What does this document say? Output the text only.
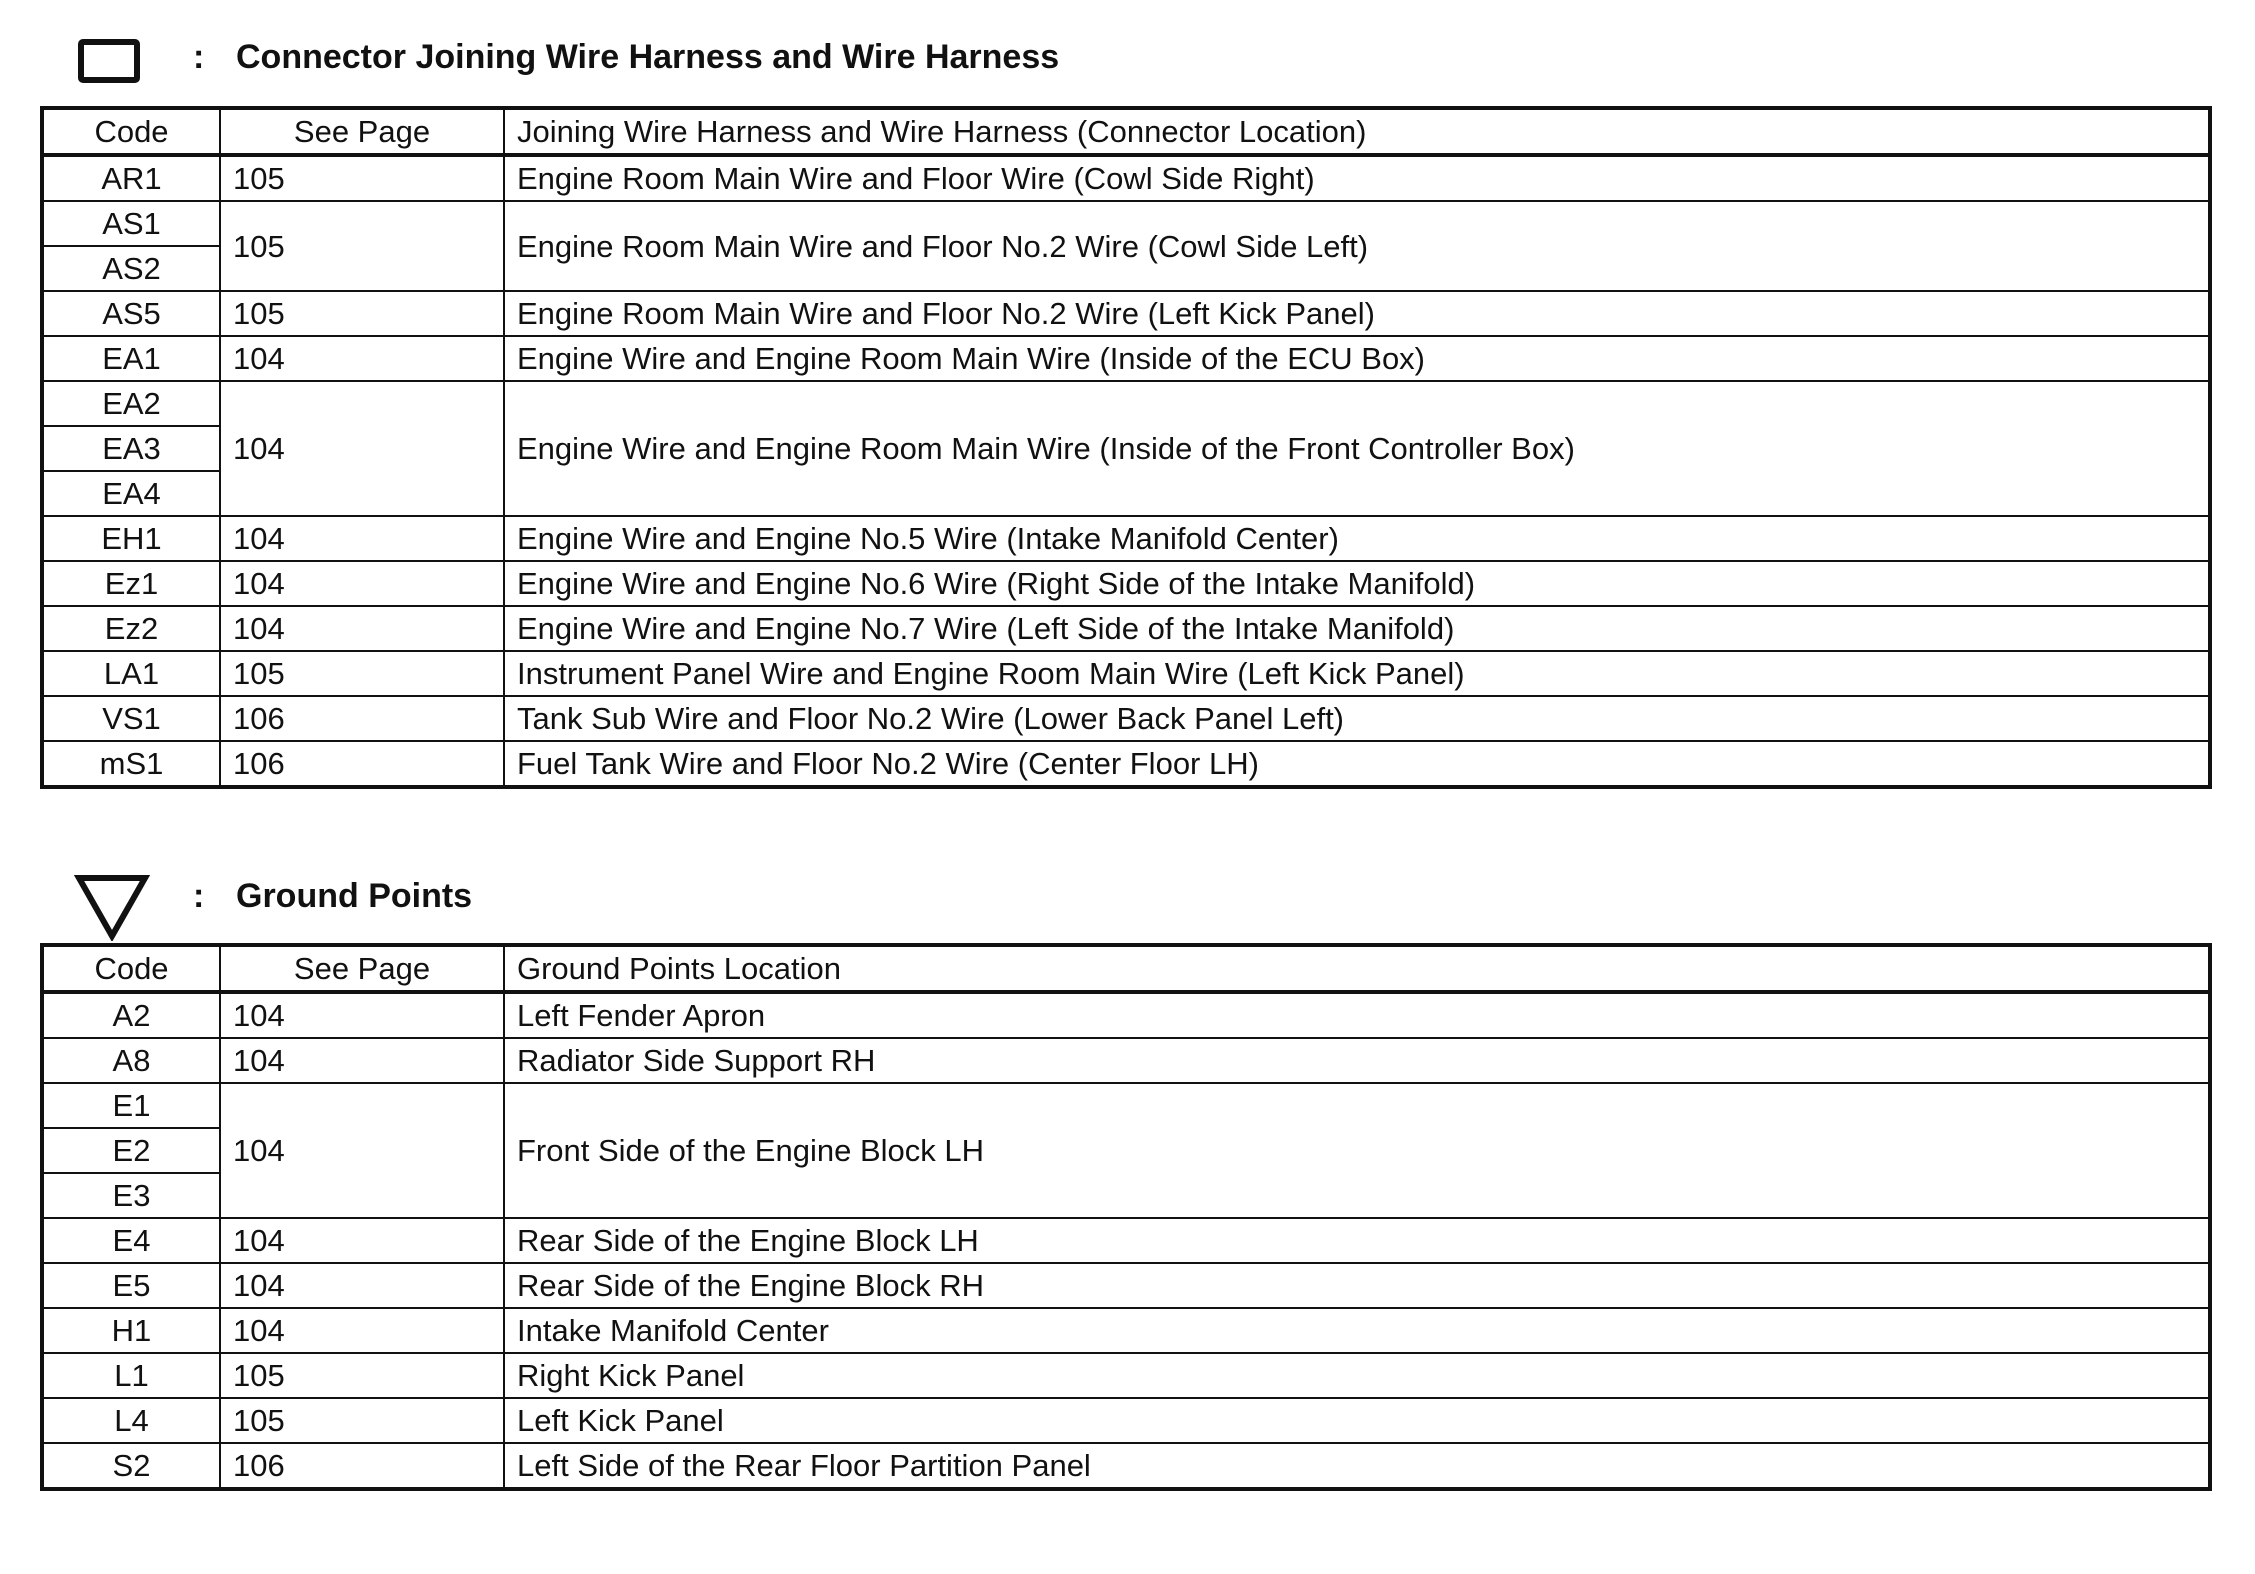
: Connector Joining Wire Harness and Wire Harness
Code	See Page	Joining Wire Harness and Wire Harness (Connector Location)
AR1	105	Engine Room Main Wire and Floor Wire (Cowl Side Right)
AS1	105	Engine Room Main Wire and Floor No.2 Wire (Cowl Side Left)
AS2		
AS5	105	Engine Room Main Wire and Floor No.2 Wire (Left Kick Panel)
EA1	104	Engine Wire and Engine Room Main Wire (Inside of the ECU Box)
EA2	104	Engine Wire and Engine Room Main Wire (Inside of the Front Controller Box)
EA3		
EA4		
EH1	104	Engine Wire and Engine No.5 Wire (Intake Manifold Center)
Ez1	104	Engine Wire and Engine No.6 Wire (Right Side of the Intake Manifold)
Ez2	104	Engine Wire and Engine No.7 Wire (Left Side of the Intake Manifold)
LA1	105	Instrument Panel Wire and Engine Room Main Wire (Left Kick Panel)
VS1	106	Tank Sub Wire and Floor No.2 Wire (Lower Back Panel Left)
mS1	106	Fuel Tank Wire and Floor No.2 Wire (Center Floor LH)
: Ground Points
Code	See Page	Ground Points Location
A2	104	Left Fender Apron
A8	104	Radiator Side Support RH
E1	104	Front Side of the Engine Block LH
E2		
E3		
E4	104	Rear Side of the Engine Block LH
E5	104	Rear Side of the Engine Block RH
H1	104	Intake Manifold Center
L1	105	Right Kick Panel
L4	105	Left Kick Panel
S2	106	Left Side of the Rear Floor Partition Panel
